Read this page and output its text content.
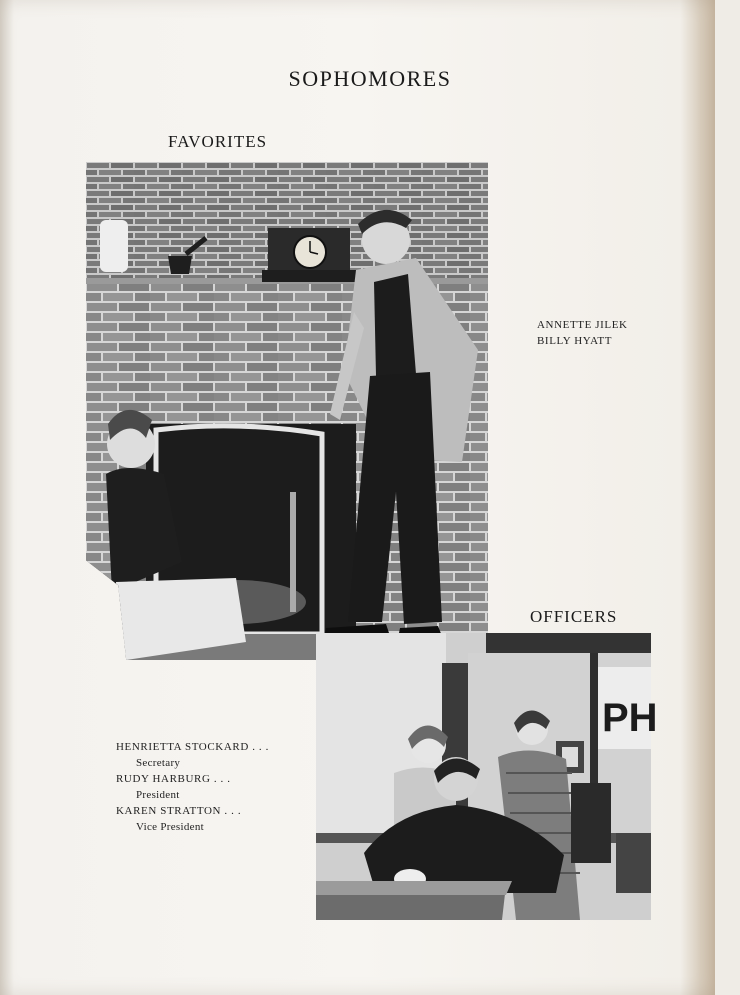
SOPHOMORES
FAVORITES
ANNETTE JILEK
BILLY HYATT
OFFICERS
PH
HENRIETTA STOCKARD . . .
Secretary
RUDY HARBURG . . .
President
KAREN STRATTON . . .
Vice President
